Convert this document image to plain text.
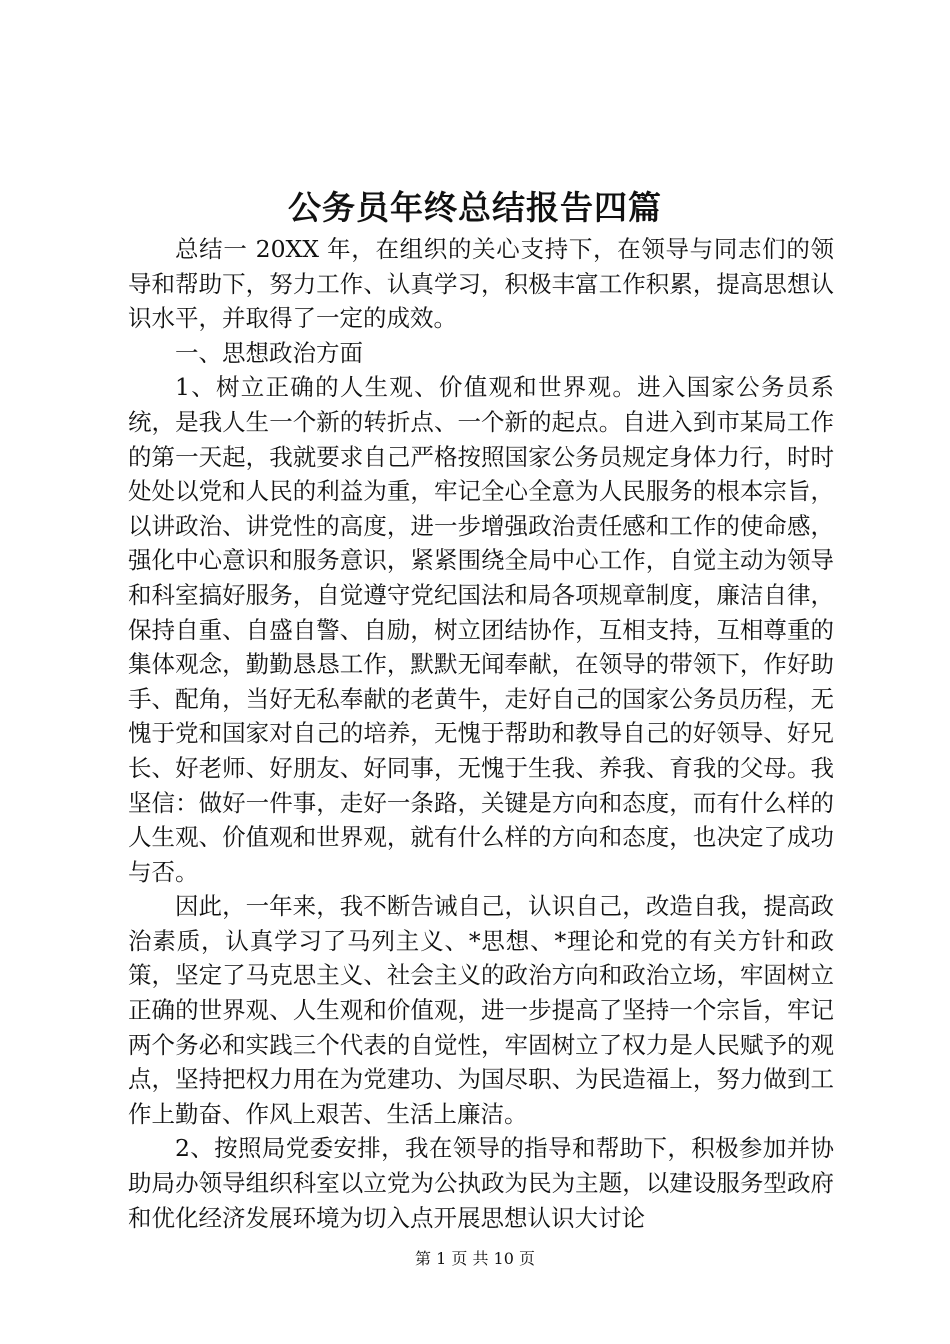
公务员年终总结报告四篇

总结一 20XX 年，在组织的关心支持下，在领导与同志们的领导和帮助下，努力工作、认真学习，积极丰富工作积累，提高思想认识水平，并取得了一定的成效。

一、思想政治方面

1、树立正确的人生观、价值观和世界观。进入国家公务员系统，是我人生一个新的转折点、一个新的起点。自进入到市某局工作的第一天起，我就要求自己严格按照国家公务员规定身体力行，时时处处以党和人民的利益为重，牢记全心全意为人民服务的根本宗旨，以讲政治、讲党性的高度，进一步增强政治责任感和工作的使命感，强化中心意识和服务意识，紧紧围绕全局中心工作，自觉主动为领导和科室搞好服务，自觉遵守党纪国法和局各项规章制度，廉洁自律，保持自重、自盛自警、自励，树立团结协作，互相支持，互相尊重的集体观念，勤勤恳恳工作，默默无闻奉献，在领导的带领下，作好助手、配角，当好无私奉献的老黄牛，走好自己的国家公务员历程，无愧于党和国家对自己的培养，无愧于帮助和教导自己的好领导、好兄长、好老师、好朋友、好同事，无愧于生我、养我、育我的父母。我坚信：做好一件事，走好一条路，关键是方向和态度，而有什么样的人生观、价值观和世界观，就有什么样的方向和态度，也决定了成功与否。

因此，一年来，我不断告诫自己，认识自己，改造自我，提高政治素质，认真学习了马列主义、*思想、*理论和党的有关方针和政策，坚定了马克思主义、社会主义的政治方向和政治立场，牢固树立正确的世界观、人生观和价值观，进一步提高了坚持一个宗旨，牢记两个务必和实践三个代表的自觉性，牢固树立了权力是人民赋予的观点，坚持把权力用在为党建功、为国尽职、为民造福上，努力做到工作上勤奋、作风上艰苦、生活上廉洁。

2、按照局党委安排，我在领导的指导和帮助下，积极参加并协助局办领导组织科室以立党为公执政为民为主题，以建设服务型政府和优化经济发展环境为切入点开展思想认识大讨论

第 1 页 共 10 页
